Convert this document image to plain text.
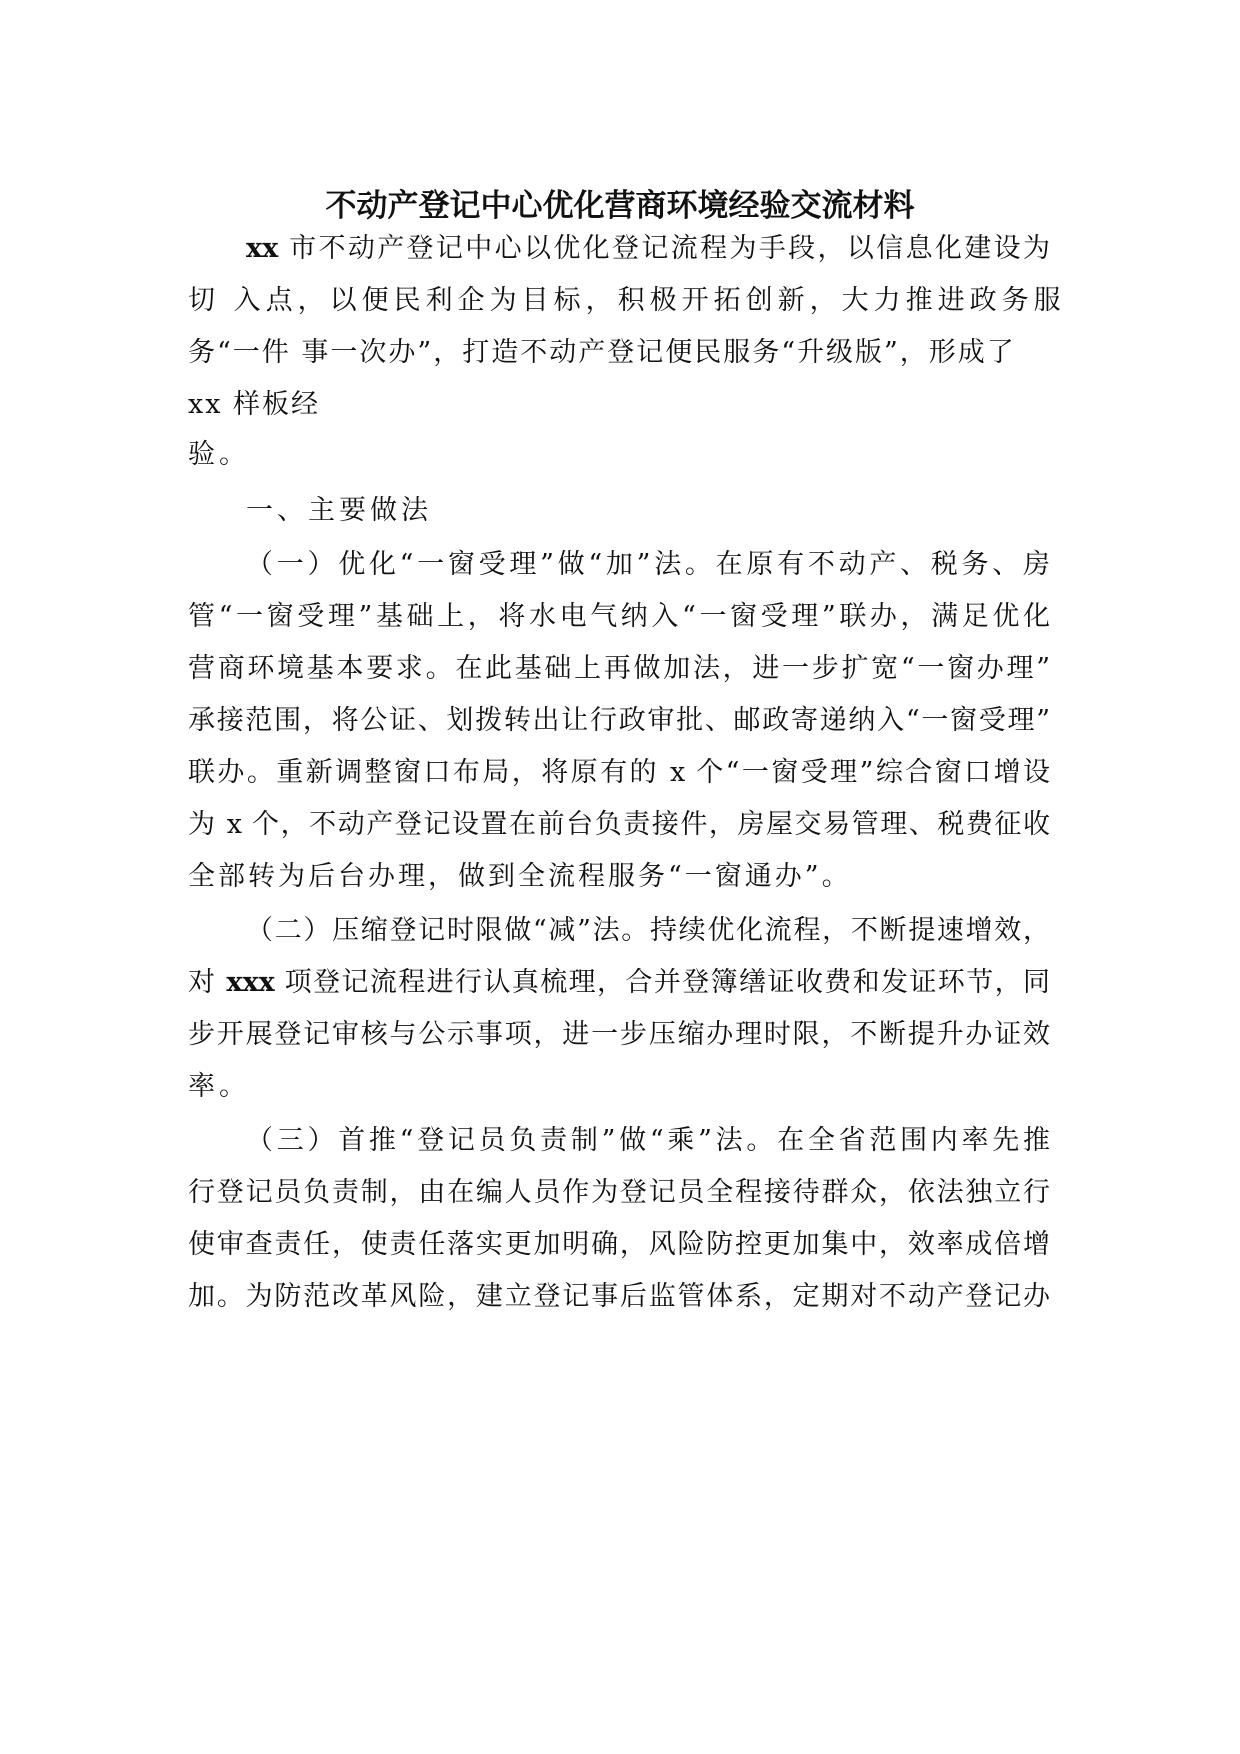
不动产登记中心优化营商环境经验交流材料
xx 市不动产登记中心以优化登记流程为手段，以信息化建设为
切 入点，以便民利企为目标，积极开拓创新，大力推进政务服
务“一件 事一次办”，打造不动产登记便民服务“升级版”，形成了
xx 样板经
验。
一、主要做法
（一）优化“一窗受理”做“加”法。在原有不动产、税务、房
管“一窗受理”基础上，将水电气纳入“一窗受理”联办，满足优化
营商环境基本要求。在此基础上再做加法，进一步扩宽“一窗办理”
承接范围，将公证、划拨转出让行政审批、邮政寄递纳入“一窗受理”
联办。重新调整窗口布局，将原有的 x 个“一窗受理”综合窗口增设
为 x 个，不动产登记设置在前台负责接件，房屋交易管理、税费征收
全部转为后台办理，做到全流程服务“一窗通办”。
（二）压缩登记时限做“减”法。持续优化流程，不断提速增效，
对 xxx 项登记流程进行认真梳理，合并登簿缮证收费和发证环节，同
步开展登记审核与公示事项，进一步压缩办理时限，不断提升办证效
率。
（三）首推“登记员负责制”做“乘”法。在全省范围内率先推
行登记员负责制，由在编人员作为登记员全程接待群众，依法独立行
使审查责任，使责任落实更加明确，风险防控更加集中，效率成倍增
加。为防范改革风险，建立登记事后监管体系，定期对不动产登记办
